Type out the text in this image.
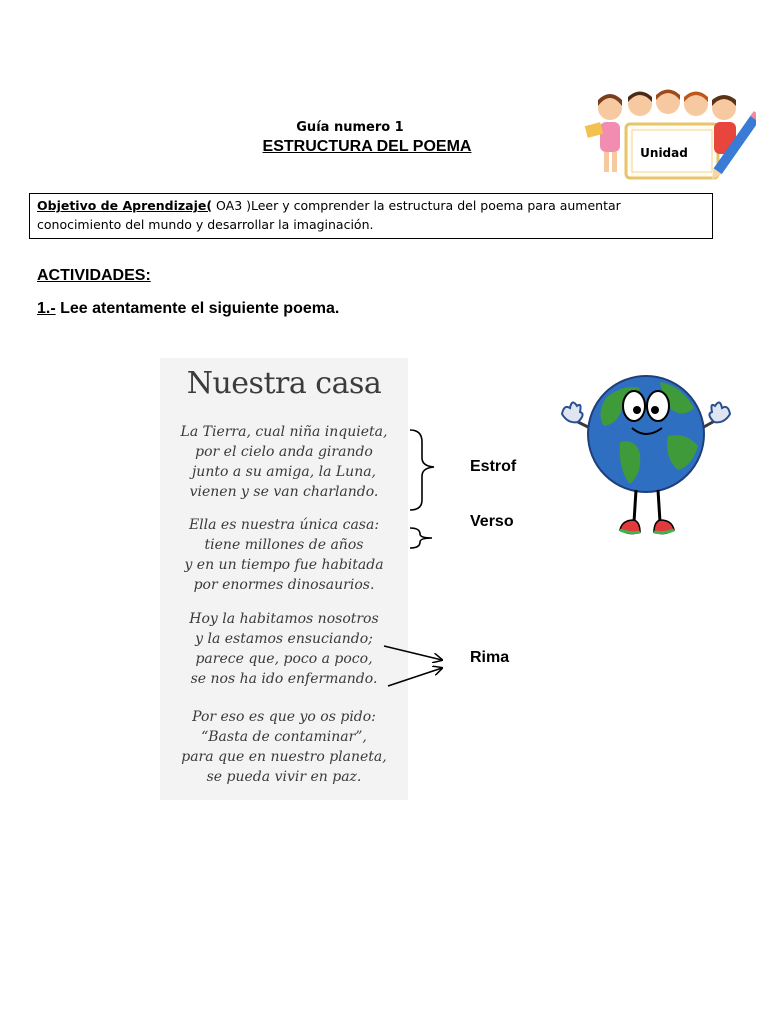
Guía numero 1
ESTRUCTURA DEL POEMA	Unidad
Objetivo de Aprendizaje( OA3 )Leer y comprender la estructura del poema para aumentar conocimiento del mundo y desarrollar la imaginación.
ACTIVIDADES:
1.- Lee atentamente el siguiente poema.
Nuestra casa
La Tierra, cual niña inquieta,
por el cielo anda girando
junto a su amiga, la Luna,
vienen y se van charlando.
Ella es nuestra única casa:
tiene millones de años
y en un tiempo fue habitada
por enormes dinosaurios.
Hoy la habitamos nosotros
y la estamos ensuciando;
parece que, poco a poco,
se nos ha ido enfermando.
Por eso es que yo os pido:
“Basta de contaminar”,
para que en nuestro planeta,
se pueda vivir en paz.
Estrof
Verso
Rima
